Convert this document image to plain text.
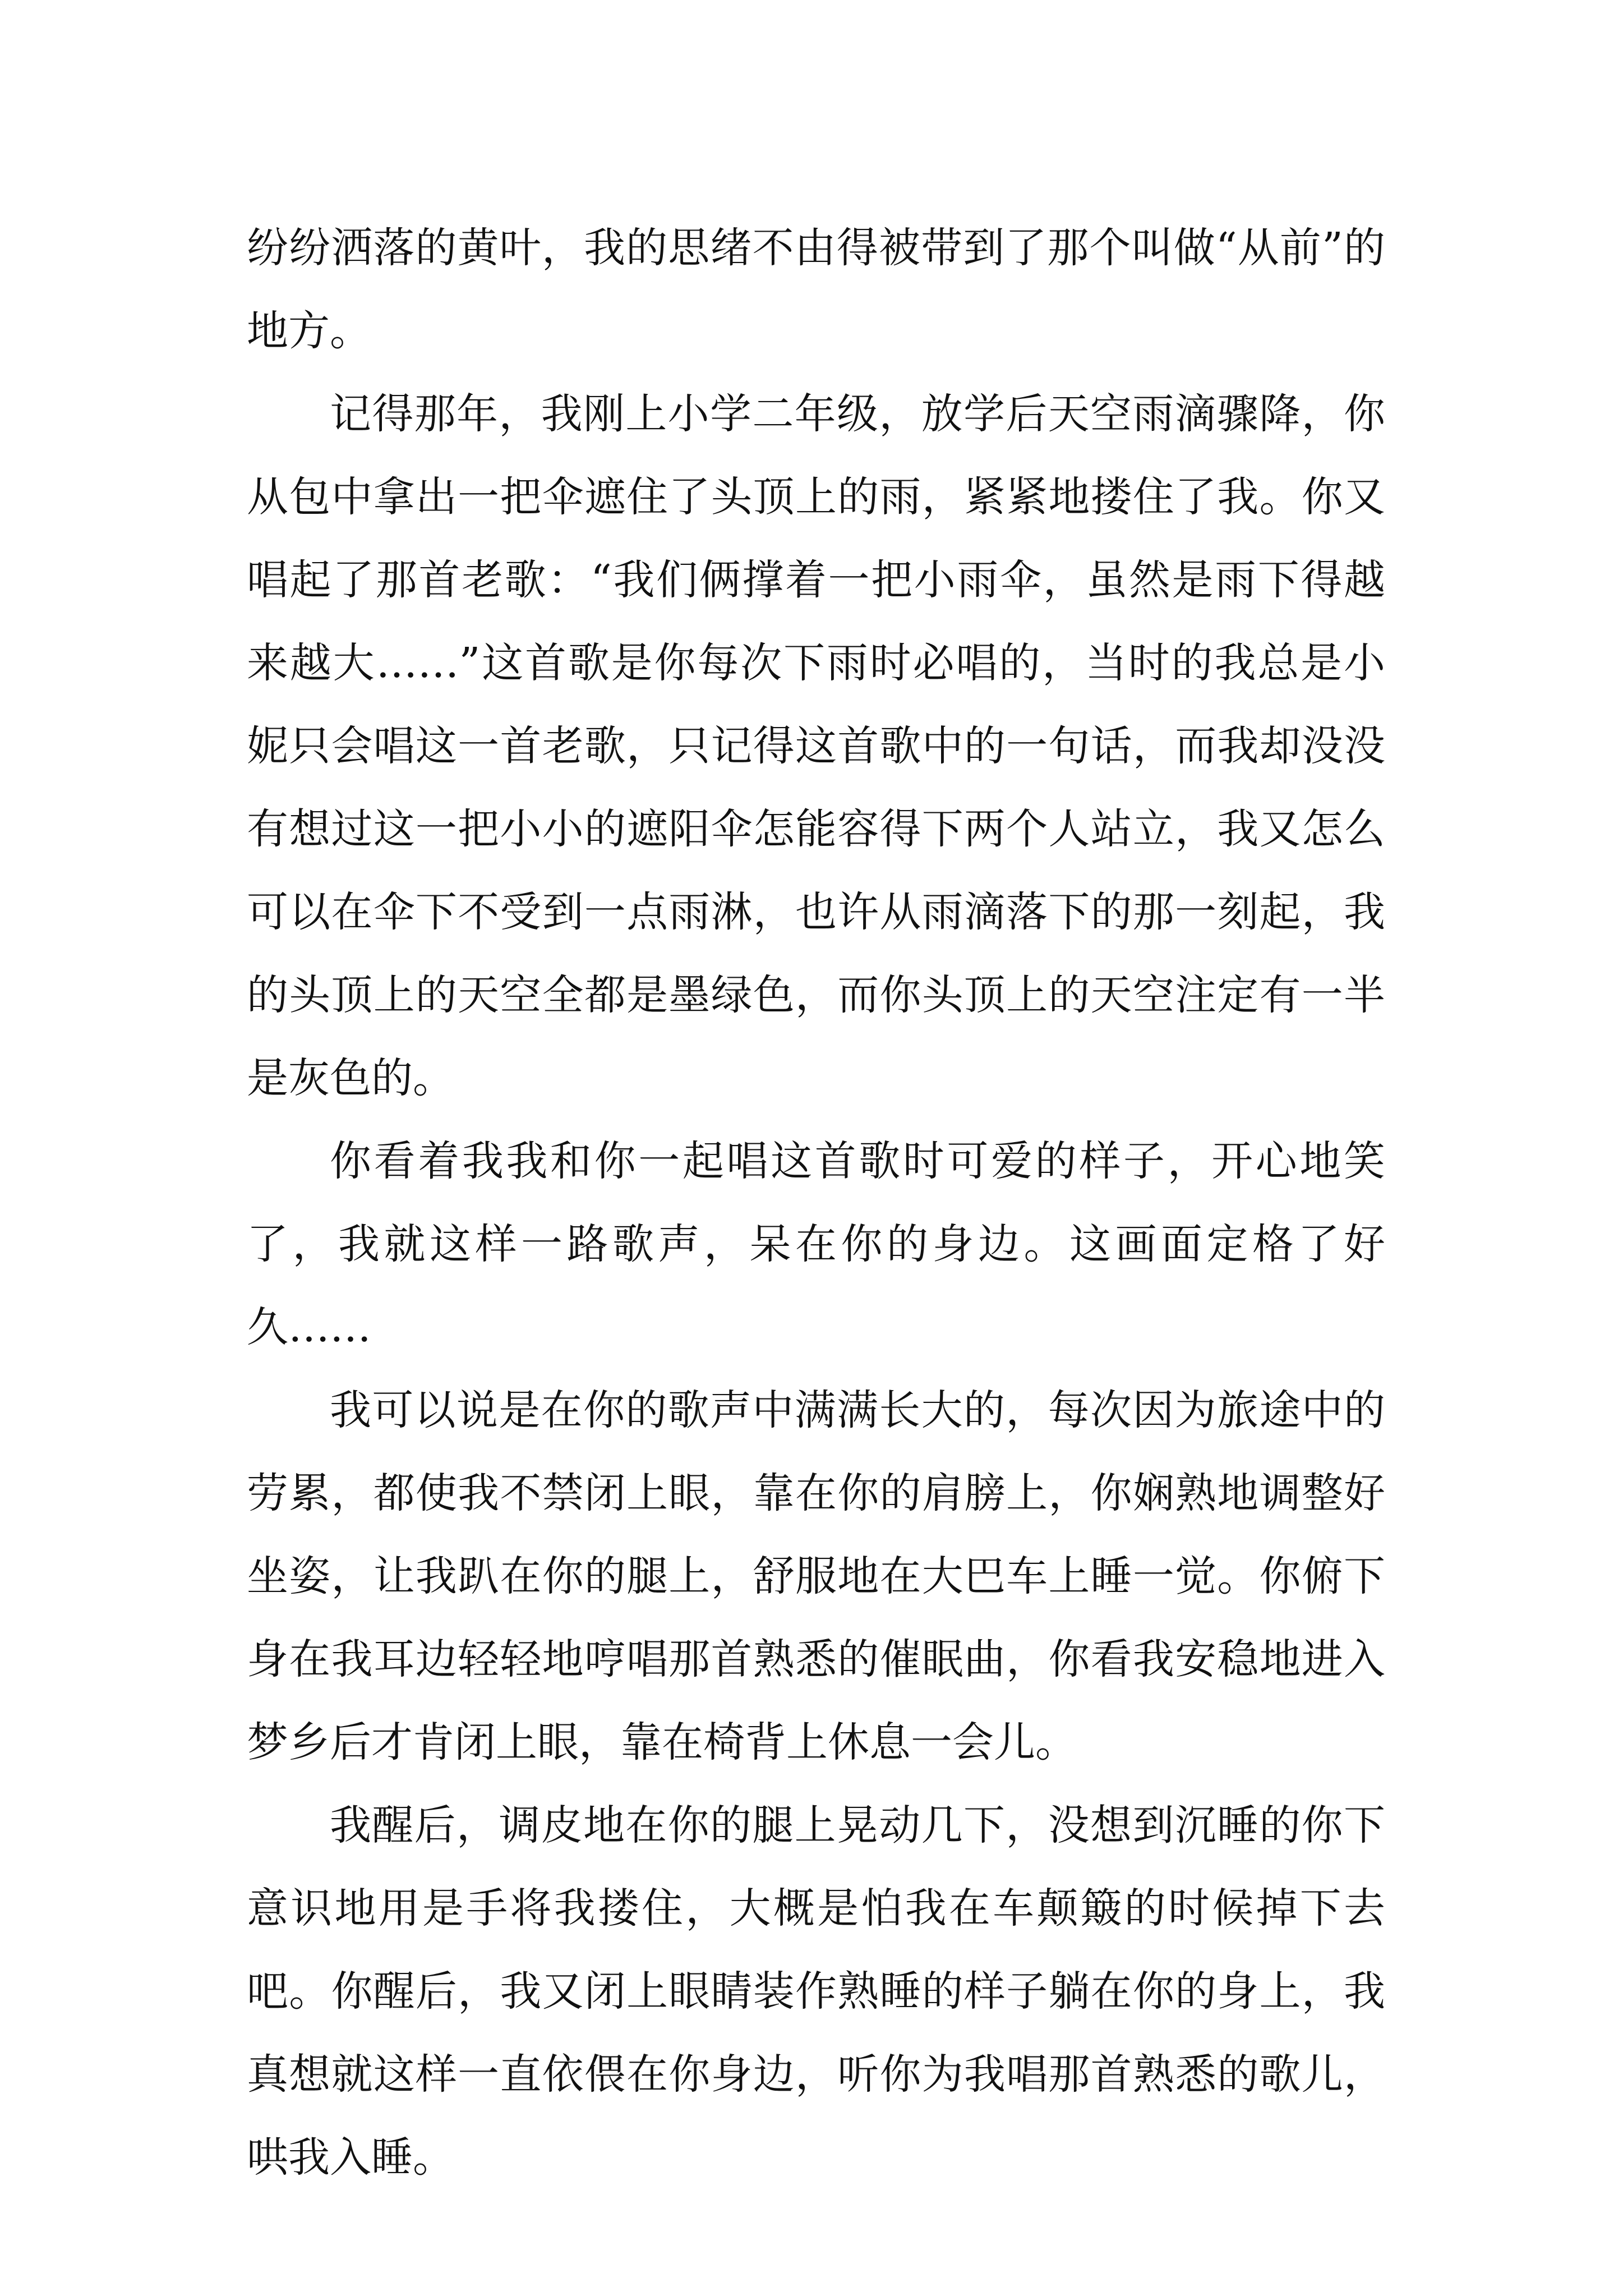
纷纷洒落的黄叶，我的思绪不由得被带到了那个叫做“从前”的地方。

记得那年，我刚上小学二年级，放学后天空雨滴骤降，你从包中拿出一把伞遮住了头顶上的雨，紧紧地搂住了我。你又唱起了那首老歌：“我们俩撑着一把小雨伞，虽然是雨下得越来越大……”这首歌是你每次下雨时必唱的，当时的我总是小妮只会唱这一首老歌，只记得这首歌中的一句话，而我却没没有想过这一把小小的遮阳伞怎能容得下两个人站立，我又怎么可以在伞下不受到一点雨淋，也许从雨滴落下的那一刻起，我的头顶上的天空全都是墨绿色，而你头顶上的天空注定有一半是灰色的。

你看着我我和你一起唱这首歌时可爱的样子，开心地笑了，我就这样一路歌声，呆在你的身边。这画面定格了好久……

我可以说是在你的歌声中满满长大的，每次因为旅途中的劳累，都使我不禁闭上眼，靠在你的肩膀上，你娴熟地调整好坐姿，让我趴在你的腿上，舒服地在大巴车上睡一觉。你俯下身在我耳边轻轻地哼唱那首熟悉的催眠曲，你看我安稳地进入梦乡后才肯闭上眼，靠在椅背上休息一会儿。

我醒后，调皮地在你的腿上晃动几下，没想到沉睡的你下意识地用是手将我搂住，大概是怕我在车颠簸的时候掉下去吧。你醒后，我又闭上眼睛装作熟睡的样子躺在你的身上，我真想就这样一直依偎在你身边，听你为我唱那首熟悉的歌儿，哄我入睡。
